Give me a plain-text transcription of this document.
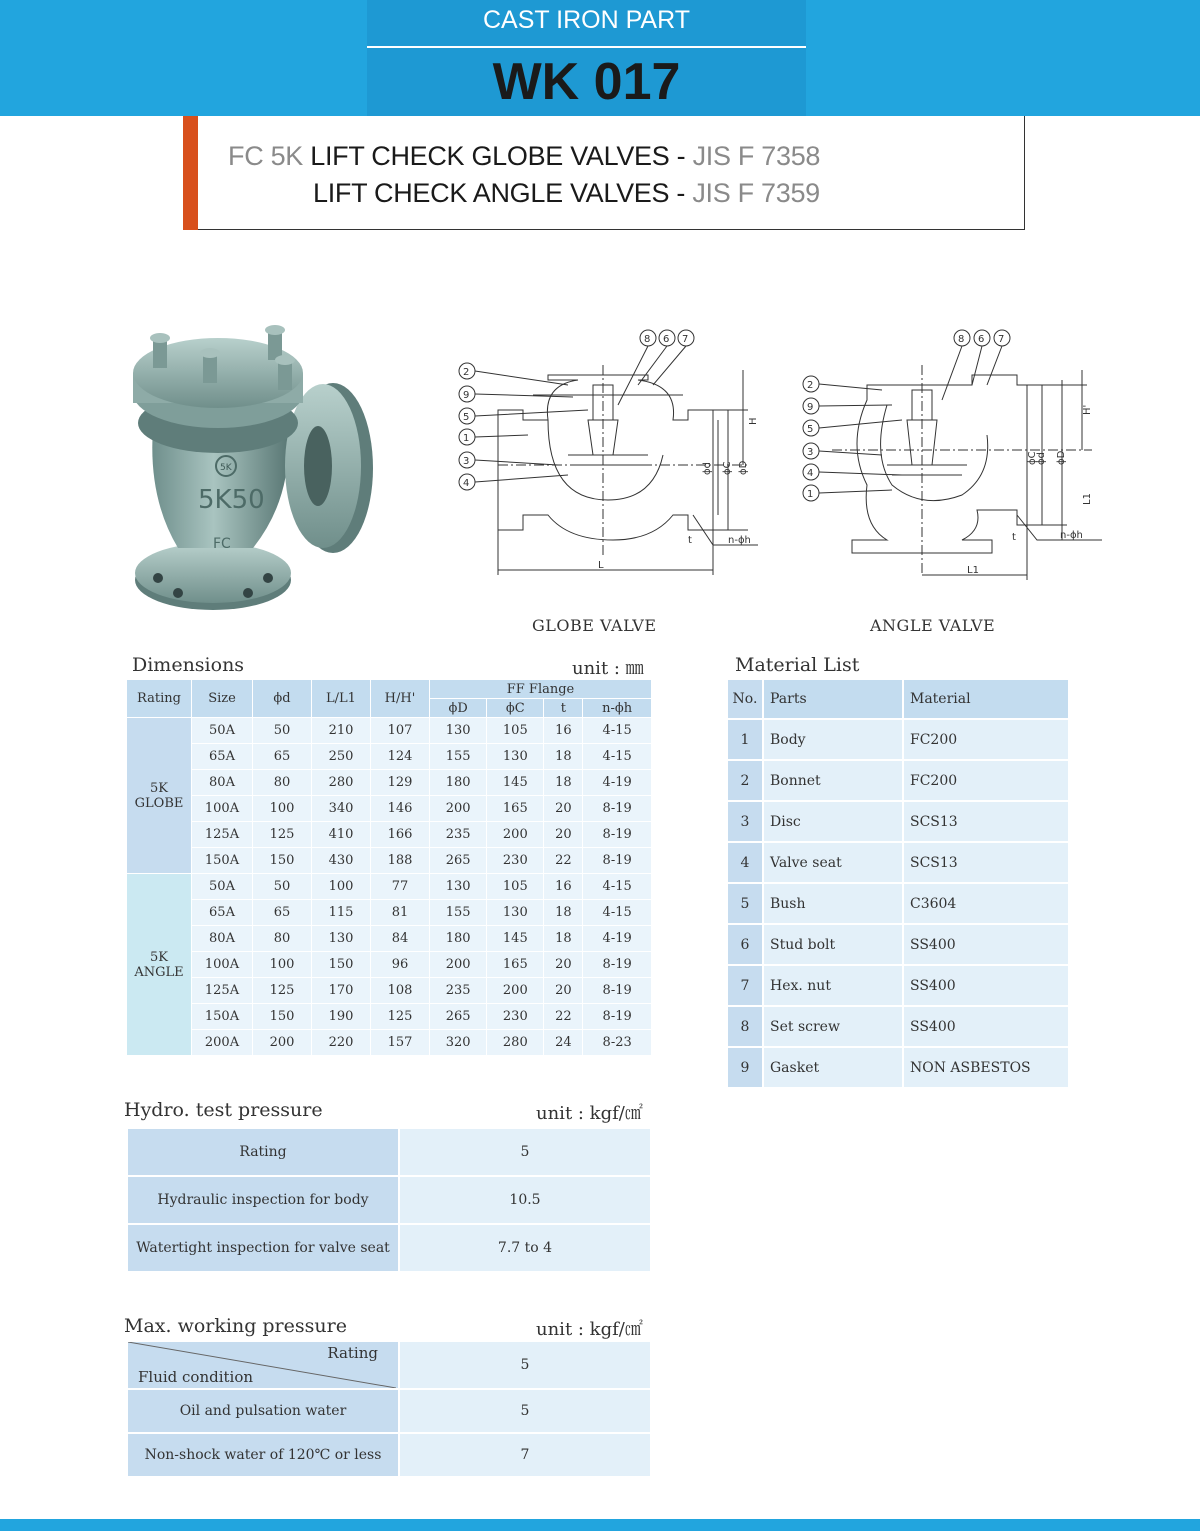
CAST IRON PART
WK 017
FC 5K LIFT CHECK GLOBE VALVES - JIS F 7358
LIFT CHECK ANGLE VALVES - JIS F 7359
5K
5K50
FC
8 6 7
2
9
5
1
3
4
ϕC
ϕd	ϕD
H
L
t	n-ϕh
8 6 7
2
9
5
3
4
1
ϕd ϕD
ϕC
H'
L1
L1
t	n-ϕh
GLOBE VALVE	ANGLE VALVE
Dimensions	unit : ㎜
Rating	Size	ϕd	L/L1	H/H'	FF Flange			
					ϕD	ϕC	t	n-ϕh

5K
GLOBE	50A	50	210	107	130	105	16	4-15
	65A	65	250	124	155	130	18	4-15
	80A	80	280	129	180	145	18	4-19
	100A	100	340	146	200	165	20	8-19
	125A	125	410	166	235	200	20	8-19
	150A	150	430	188	265	230	22	8-19

5K
ANGLE	50A	50	100	77	130	105	16	4-15
	65A	65	115	81	155	130	18	4-15
	80A	80	130	84	180	145	18	4-19
	100A	100	150	96	200	165	20	8-19
	125A	125	170	108	235	200	20	8-19
	150A	150	190	125	265	230	22	8-19
	200A	200	220	157	320	280	24	8-23
Material List
No.	Parts	Material
1	Body	FC200
2	Bonnet	FC200
3	Disc	SCS13
4	Valve seat	SCS13
5	Bush	C3604
6	Stud bolt	SS400
7	Hex. nut	SS400
8	Set screw	SS400
9	Gasket	NON ASBESTOS
Hydro. test pressure	unit : kgf/㎠
Rating	5
Hydraulic inspection for body	10.5
Watertight inspection for valve seat	7.7 to 4
Max. working pressure	unit : kgf/㎠
Rating
Fluid condition	5
Oil and pulsation water	5
Non-shock water of 120℃ or less	7
